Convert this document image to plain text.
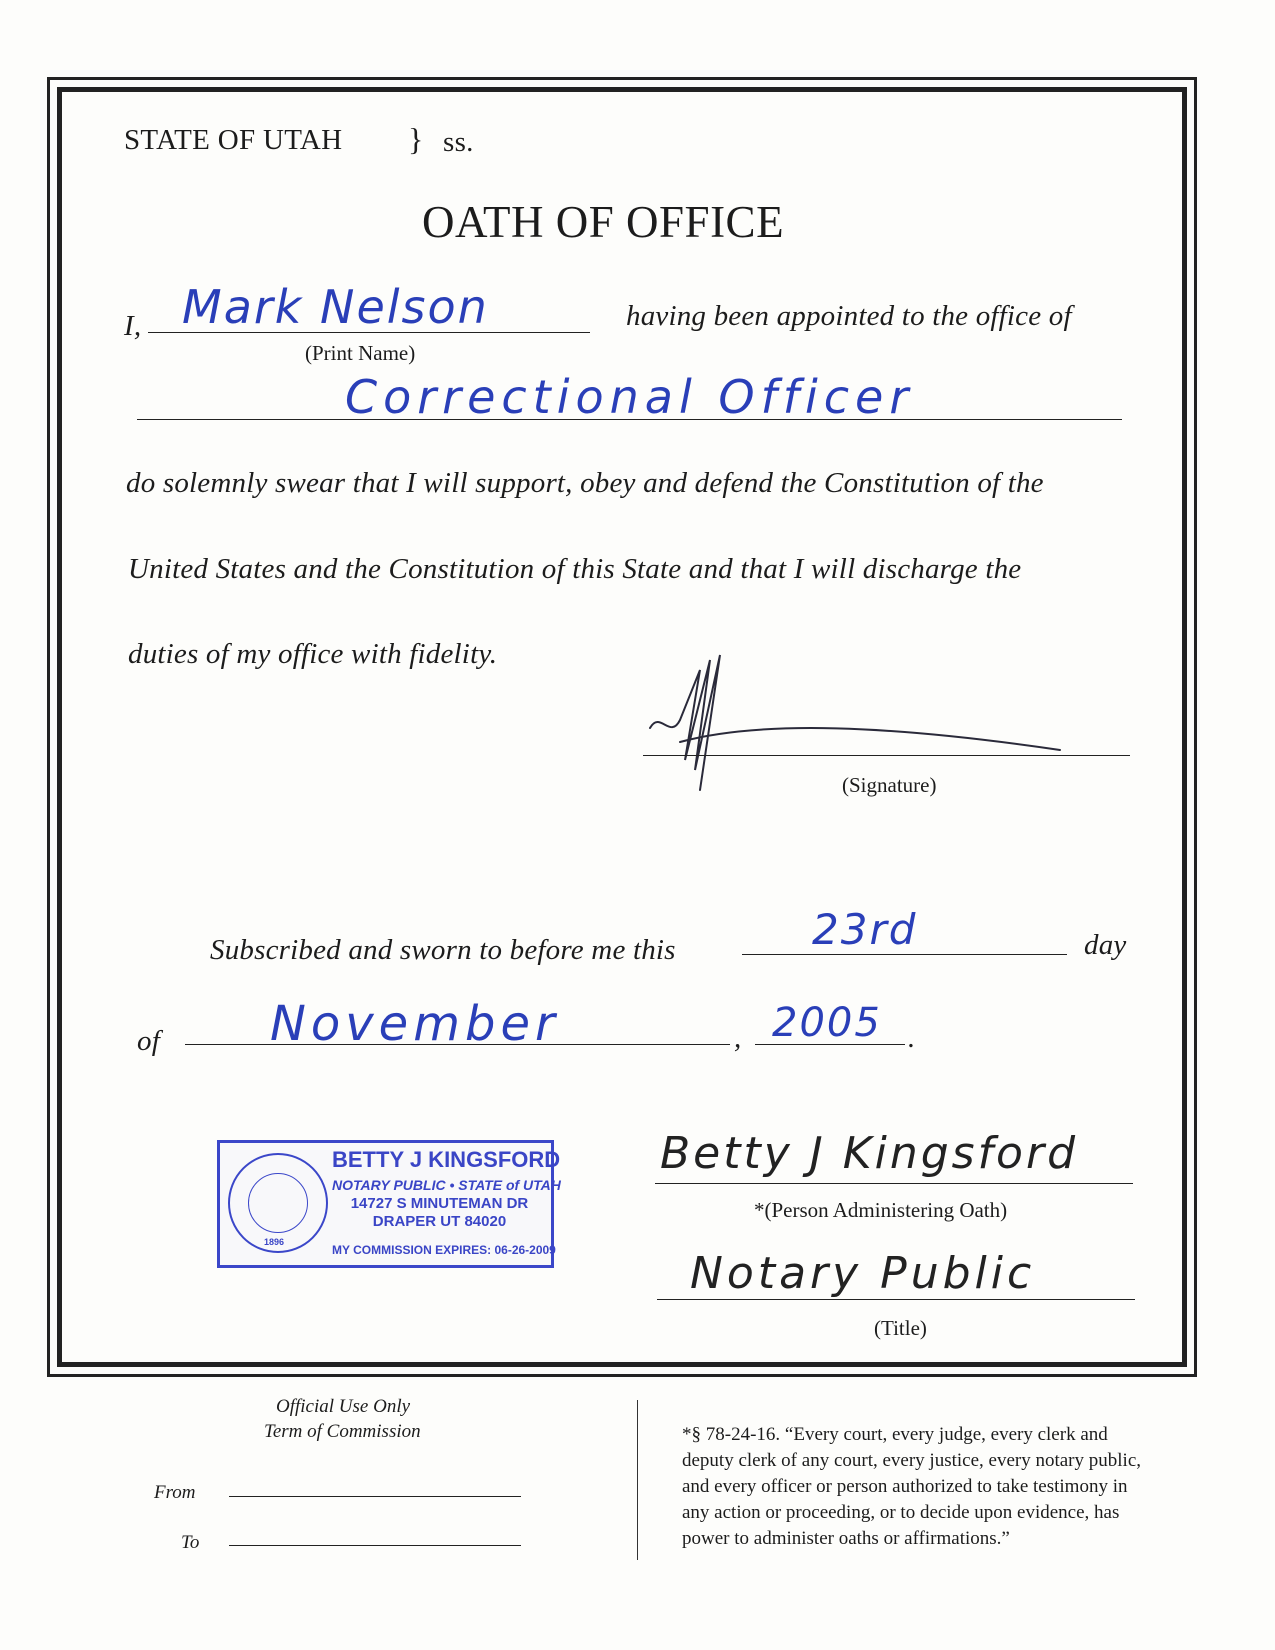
STATE OF UTAH } ss.
OATH OF OFFICE
I, Mark Nelson
(Print Name)
having been appointed to the office of
Correctional Officer
do solemnly swear that I will support, obey and defend the Constitution of the
United States and the Constitution of this State and that I will discharge the
duties of my office with fidelity.
(Signature)
Subscribed and sworn to before me this	23rd	day
of November	, 2005 .
1896
BETTY J KINGSFORD
NOTARY PUBLIC • STATE of UTAH
14727 S MINUTEMAN DR
DRAPER UT 84020
MY COMMISSION EXPIRES: 06-26-2009
Betty J Kingsford
*(Person Administering Oath)
Notary Public
(Title)
Official Use Only
Term of Commission
From
To
*§ 78-24-16. “Every court, every judge, every clerk and
deputy clerk of any court, every justice, every notary public,
and every officer or person authorized to take testimony in
any action or proceeding, or to decide upon evidence, has
power to administer oaths or affirmations.”
